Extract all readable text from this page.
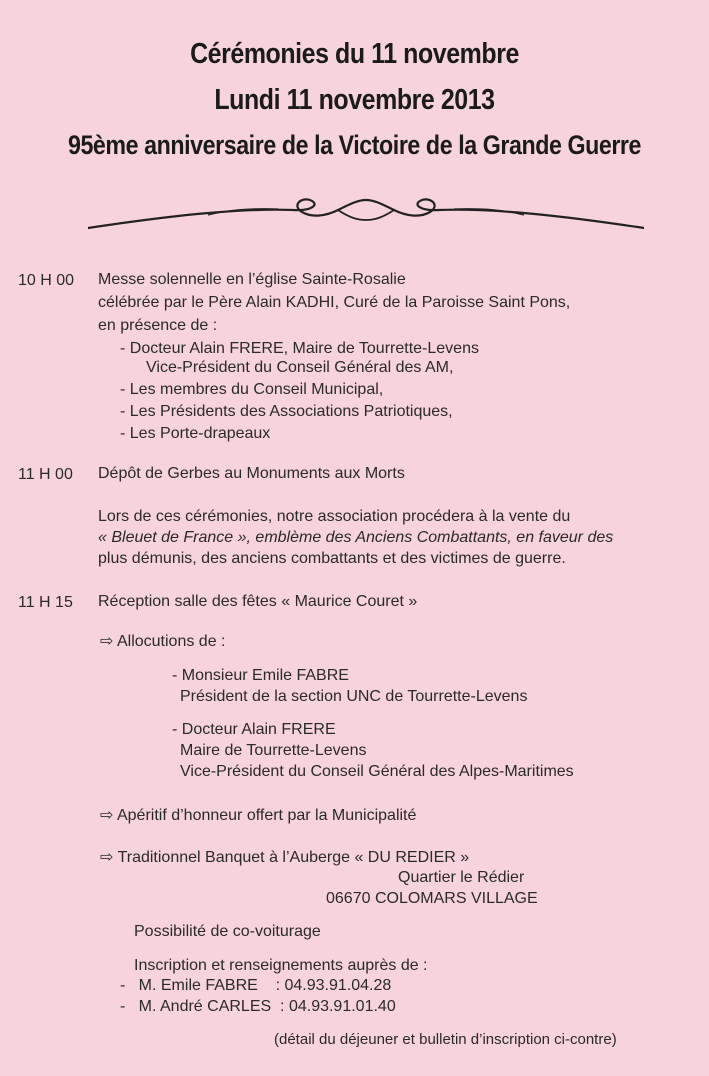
Cérémonies du 11 novembre
Lundi 11 novembre 2013
95ème anniversaire de la Victoire de la Grande Guerre
10 H 00 Messe solennelle en l’église Sainte-Rosalie
célébrée par le Père Alain KADHI, Curé de la Paroisse Saint Pons,
en présence de :
- Docteur Alain FRERE, Maire de Tourrette-Levens
Vice-Président du Conseil Général des AM,
- Les membres du Conseil Municipal,
- Les Présidents des Associations Patriotiques,
- Les Porte-drapeaux
11 H 00 Dépôt de Gerbes au Monuments aux Morts
Lors de ces cérémonies, notre association procédera à la vente du
« Bleuet de France », emblème des Anciens Combattants, en faveur des
plus démunis, des anciens combattants et des victimes de guerre.
11 H 15 Réception salle des fêtes « Maurice Couret »
⇨ Allocutions de :
- Monsieur Emile FABRE
Président de la section UNC de Tourrette-Levens
- Docteur Alain FRERE
Maire de Tourrette-Levens
Vice-Président du Conseil Général des Alpes-Maritimes
⇨ Apéritif d’honneur offert par la Municipalité
⇨ Traditionnel Banquet à l’Auberge « DU REDIER »
Quartier le Rédier
06670 COLOMARS VILLAGE
Possibilité de co-voiturage
Inscription et renseignements auprès de :
-   M. Emile FABRE    : 04.93.91.04.28
-   M. André CARLES  : 04.93.91.01.40
(détail du déjeuner et bulletin d’inscription ci-contre)
